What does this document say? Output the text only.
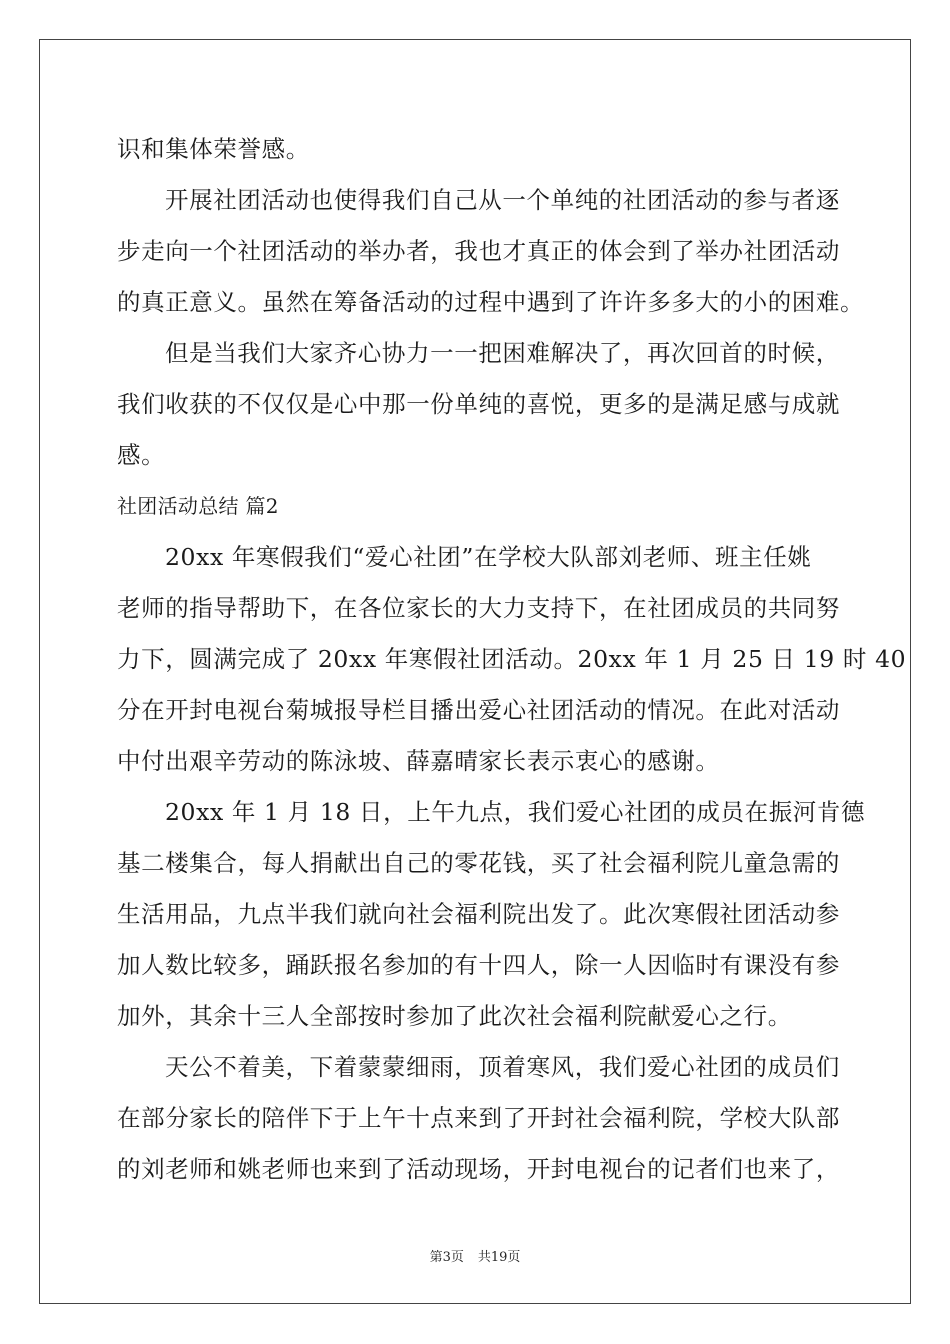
识和集体荣誉感。
开展社团活动也使得我们自己从一个单纯的社团活动的参与者逐
步走向一个社团活动的举办者，我也才真正的体会到了举办社团活动
的真正意义。虽然在筹备活动的过程中遇到了许许多多大的小的困难。
但是当我们大家齐心协力一一把困难解决了，再次回首的时候，
我们收获的不仅仅是心中那一份单纯的喜悦，更多的是满足感与成就
感。
社团活动总结 篇2
20xx 年寒假我们“爱心社团”在学校大队部刘老师、班主任姚
老师的指导帮助下，在各位家长的大力支持下，在社团成员的共同努
力下，圆满完成了 20xx 年寒假社团活动。20xx 年 1 月 25 日 19 时 40
分在开封电视台菊城报导栏目播出爱心社团活动的情况。在此对活动
中付出艰辛劳动的陈泳坡、薛嘉晴家长表示衷心的感谢。
20xx 年 1 月 18 日，上午九点，我们爱心社团的成员在振河肯德
基二楼集合，每人捐献出自己的零花钱，买了社会福利院儿童急需的
生活用品，九点半我们就向社会福利院出发了。此次寒假社团活动参
加人数比较多，踊跃报名参加的有十四人，除一人因临时有课没有参
加外，其余十三人全部按时参加了此次社会福利院献爱心之行。
天公不着美，下着蒙蒙细雨，顶着寒风，我们爱心社团的成员们
在部分家长的陪伴下于上午十点来到了开封社会福利院，学校大队部
的刘老师和姚老师也来到了活动现场，开封电视台的记者们也来了，
第3页 共19页
